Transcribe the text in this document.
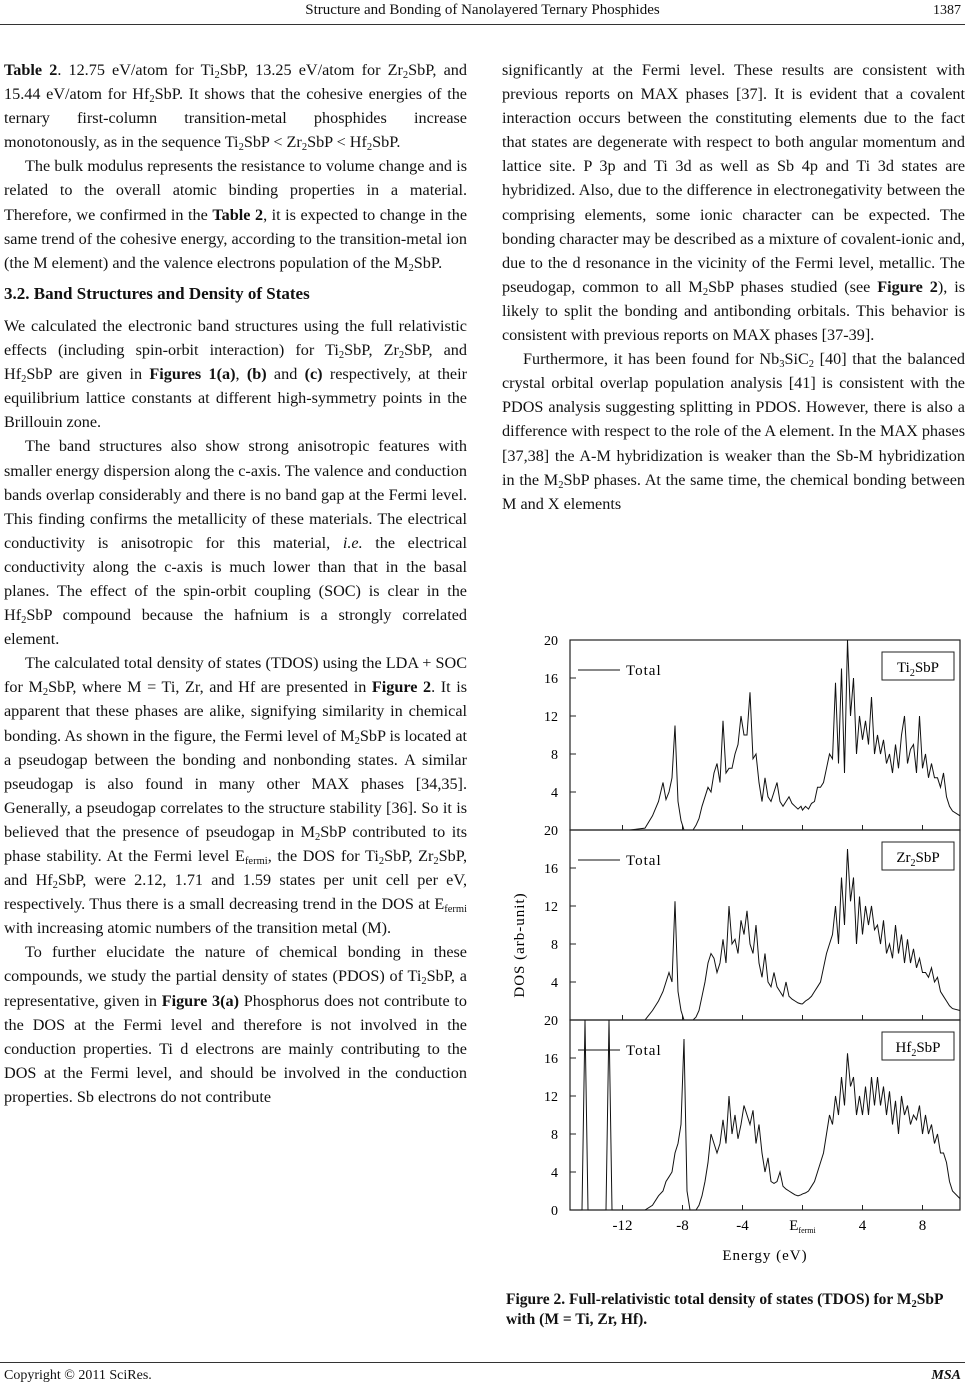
Structure and Bonding of Nanolayered Ternary Phosphides	1387

Table 2. 12.75 eV/atom for $Ti_2SbP$, 13.25 eV/atom for $Zr_2SbP$, and 15.44 eV/atom for $Hf_2SbP$. It shows that the cohesive energies of the ternary first-column transition-metal phosphides increase monotonously, as in the sequence $Ti_2SbP < Zr_2SbP < Hf_2SbP$.

The bulk modulus represents the resistance to volume change and is related to the overall atomic binding properties in a material. Therefore, we confirmed in the Table 2, it is expected to change in the same trend of the cohesive energy, according to the transition-metal ion (the M element) and the valence electrons population of the $M_2SbP$.

3.2. Band Structures and Density of States

We calculated the electronic band structures using the full relativistic effects (including spin-orbit interaction) for $Ti_2SbP$, $Zr_2SbP$, and $Hf_2SbP$ are given in Figures 1(a), (b) and (c) respectively, at their equilibrium lattice constants at different high-symmetry points in the Brillouin zone.

The band structures also show strong anisotropic features with smaller energy dispersion along the c-axis. The valence and conduction bands overlap considerably and there is no band gap at the Fermi level. This finding confirms the metallicity of these materials. The electrical conductivity is anisotropic for this material, i.e. the electrical conductivity along the c-axis is much lower than that in the basal planes. The effect of the spin-orbit coupling (SOC) is clear in the $Hf_2SbP$ compound because the hafnium is a strongly correlated element.

The calculated total density of states (TDOS) using the LDA + SOC for $M_2SbP$, where M = Ti, Zr, and Hf are presented in Figure 2. It is apparent that these phases are alike, signifying similarity in chemical bonding. As shown in the figure, the Fermi level of $M_2SbP$ is located at a pseudogap between the bonding and nonbonding states. A similar pseudogap is also found in many other MAX phases [34,35]. Generally, a pseudogap correlates to the structure stability [36]. So it is believed that the presence of pseudogap in $M_2SbP$ contributed to its phase stability. At the Fermi level $E_{fermi}$, the DOS for $Ti_2SbP$, $Zr_2SbP$, and $Hf_2SbP$, were 2.12, 1.71 and 1.59 states per unit cell per eV, respectively. Thus there is a small decreasing trend in the DOS at $E_{fermi}$ with increasing atomic numbers of the transition metal (M).

To further elucidate the nature of chemical bonding in these compounds, we study the partial density of states (PDOS) of $Ti_2SbP$, a representative, given in Figure 3(a) Phosphorus does not contribute to the DOS at the Fermi level and therefore is not involved in the conduction properties. Ti d electrons are mainly contributing to the DOS at the Fermi level, and should be involved in the conduction properties. Sb electrons do not contribute

significantly at the Fermi level. These results are consistent with previous reports on MAX phases [37]. It is evident that a covalent interaction occurs between the constituting elements due to the fact that states are degenerate with respect to both angular momentum and lattice site. P 3p and Ti 3d as well as Sb 4p and Ti 3d states are hybridized. Also, due to the difference in electronegativity between the comprising elements, some ionic character can be expected. The bonding character may be described as a mixture of covalent-ionic and, due to the d resonance in the vicinity of the Fermi level, metallic. The pseudogap, common to all $M_2SbP$ phases studied (see Figure 2), is likely to split the bonding and antibonding orbitals. This behavior is consistent with previous reports on MAX phases [37-39].

Furthermore, it has been found for $Nb_3SiC_2$ [40] that the balanced crystal orbital overlap population analysis [41] is consistent with the PDOS analysis suggesting splitting in PDOS. However, there is also a difference with respect to the role of the A element. In the MAX phases [37,38] the A-M hybridization is weaker than the Sb-M hybridization in the $M_2SbP$ phases. At the same time, the chemical bonding between M and X elements

4
8
12
16
20
Total	$Ti_2SbP$
4
8
12
16
20
Total	$Zr_2SbP$
0
4
8
12
16
20
Total	$Hf_2SbP$
-12	-8	-4	4	8
$E_{fermi}$
Energy (eV)
DOS (arb-unit)
Figure 2. Full-relativistic total density of states (TDOS) for $M_2SbP$ with (M = Ti, Zr, Hf).
Copyright © 2011 SciRes.	MSA
